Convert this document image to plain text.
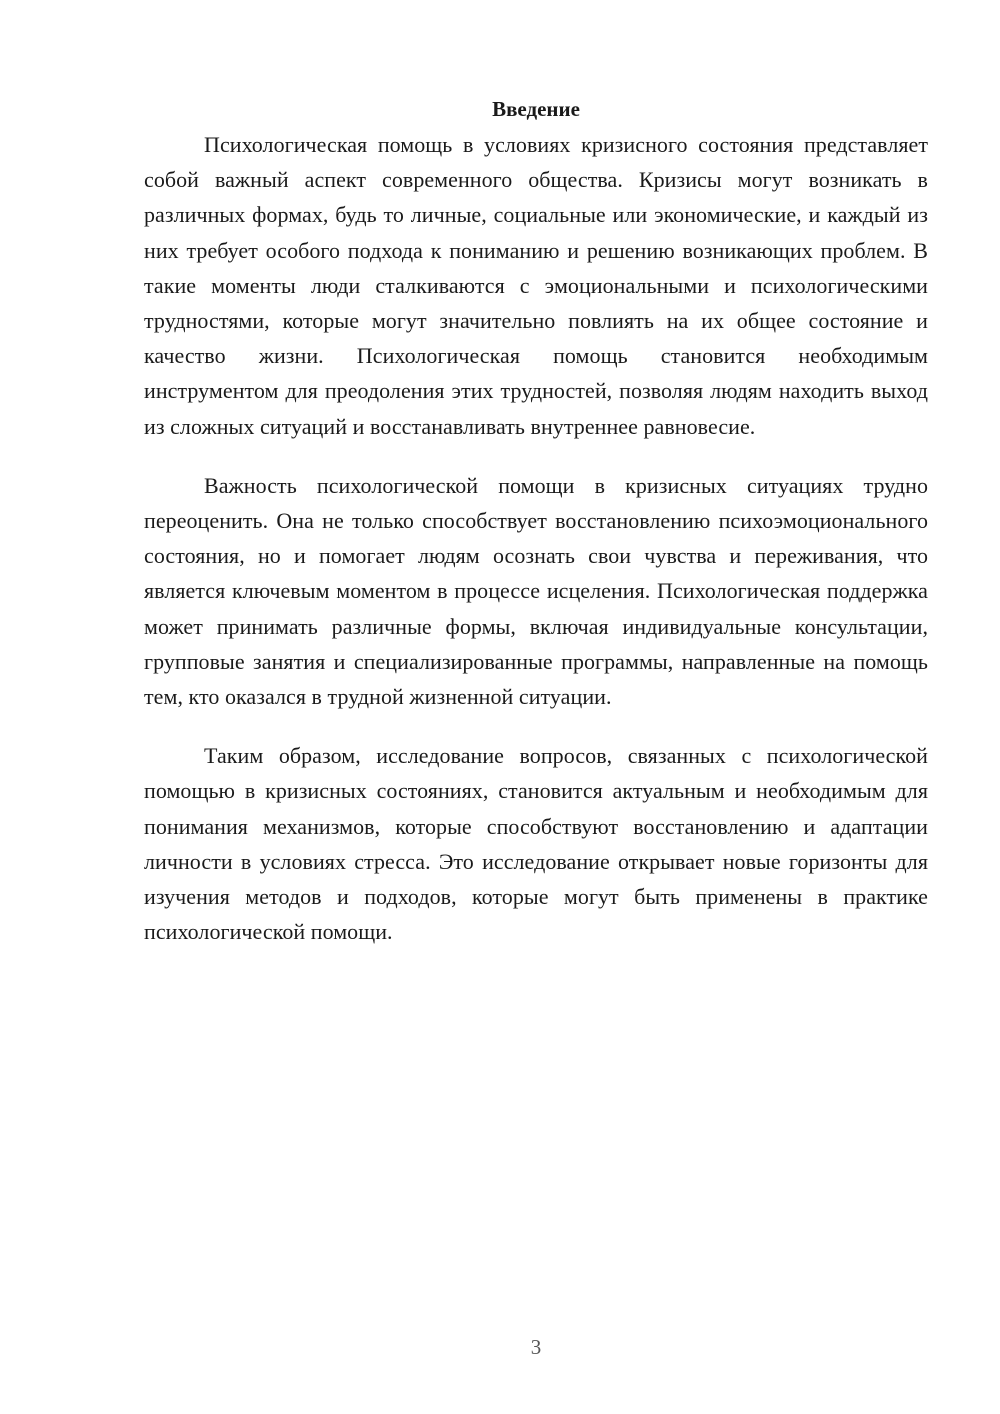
Введение

Психологическая помощь в условиях кризисного состояния представляет собой важный аспект современного общества. Кризисы могут возникать в различных формах, будь то личные, социальные или экономические, и каждый из них требует особого подхода к пониманию и решению возникающих проблем. В такие моменты люди сталкиваются с эмоциональными и психологическими трудностями, которые могут значительно повлиять на их общее состояние и качество жизни. Психологическая помощь становится необходимым инструментом для преодоления этих трудностей, позволяя людям находить выход из сложных ситуаций и восстанавливать внутреннее равновесие.

Важность психологической помощи в кризисных ситуациях трудно переоценить. Она не только способствует восстановлению психоэмоционального состояния, но и помогает людям осознать свои чувства и переживания, что является ключевым моментом в процессе исцеления. Психологическая поддержка может принимать различные формы, включая индивидуальные консультации, групповые занятия и специализированные программы, направленные на помощь тем, кто оказался в трудной жизненной ситуации.

Таким образом, исследование вопросов, связанных с психологической помощью в кризисных состояниях, становится актуальным и необходимым для понимания механизмов, которые способствуют восстановлению и адаптации личности в условиях стресса. Это исследование открывает новые горизонты для изучения методов и подходов, которые могут быть применены в практике психологической помощи.

3
